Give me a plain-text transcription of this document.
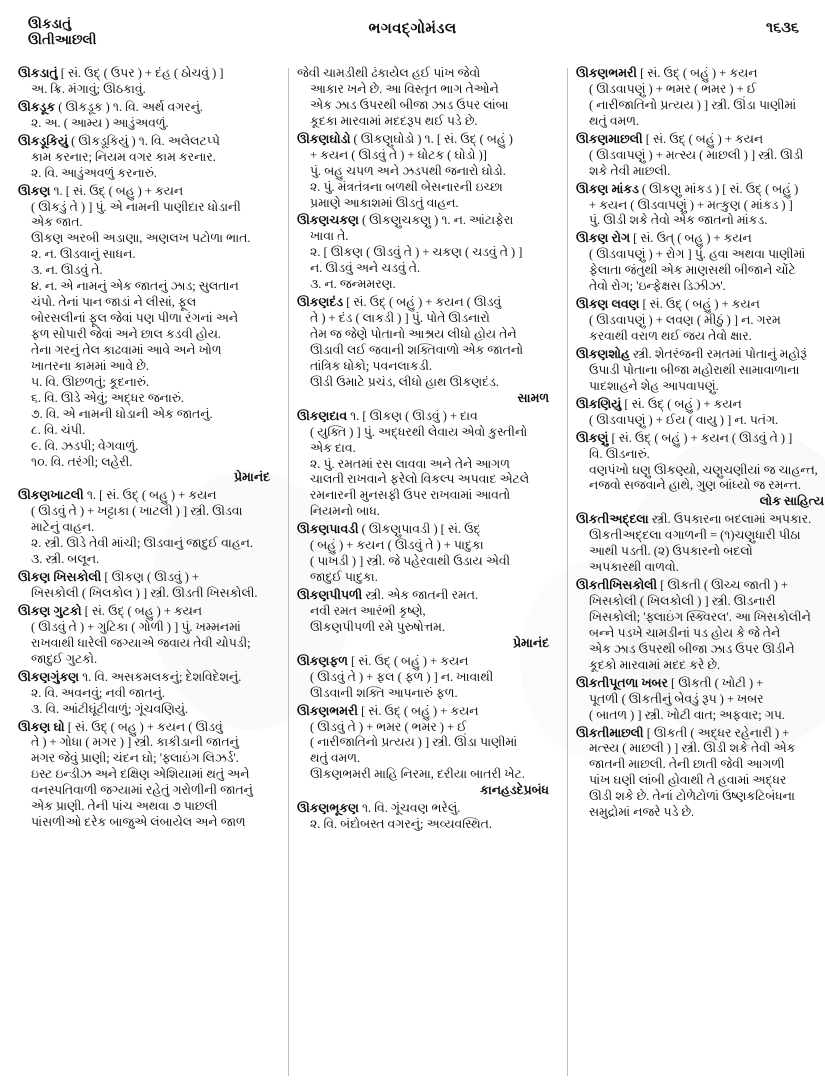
ઊકડાતું
ઊતીઆછલી
ભગવદ્‌ગોમંડલ	૧૬૩૬
ઊકડાતું [ સં. ઉદ્ ( ઉપર ) + દંહ ( ઠોચવું ) ]
અ. ક્રિ. મંગાવું; ઊઠકાવું.
ઊકડૂક ( ઊકડૂક ) ૧. વિ. અર્થ વગરનું.
૨. અ. ( આમ્ય ) આડુંઅવળું.
ઊકડૂકિયું ( ઊકડૂકિયું ) ૧. વિ. અલેલટપ્પે
કામ કરનાર; નિયમ વગર કામ કરનાર.
૨. વિ. આડુંઅવળું કરનારું.
ઊકણ ૧. [ સં. ઉદ્ ( બહુ ) + કયન
( ઊકડું તે ) ] પું. એ નામની પાણીદાર ધોડાની
એક જાત.
ઊકણ અરબી અડાણા, અણલખ પટોળા ભાત.
૨. ન. ઊડવાનું સાધન.
૩. ન. ઊડવું તે.
૪. ન. એ નામનું એક જાતનું ઝાડ; સુલતાન
ચંપો. તેનાં પાન જાડાં ને લીસાં, ફૂલ
બોરસલીનાં ફૂલ જેવાં પણ પીળા રંગનાં અને
ફળ સોપારી જેવાં અને છાલ કડવી હોય.
તેના ગરનું તેલ કાઢવામાં આવે અને ખોળ
ખાતરના કામમાં આવે છે.
૫. વિ. ઊછળતું; કૂદનારું.
૬. વિ. ઊડે એવું; અદ્ધર જનારું.
૭. વિ. એ નામની ધોડાની એક જાતનું.
૮. વિ. ચંપી.
૯. વિ. ઝડપી; વેગવાળું.
૧૦. વિ. તરંગી; લહેરી.
પ્રેમાનંદ
ઊકણખાટલી ૧. [ સં. ઉદ્ ( બહુ ) + કયન
( ઊડવું તે ) + ખટ્ટાકા ( ખાટલી ) ] સ્ત્રી. ઊડવા
માટેનું વાહન.
૨. સ્ત્રી. ઊડે તેવી માંચી; ઊડવાનું જાદુઈ વાહન.
૩. સ્ત્રી. બલૂન.
ઊકણ ખિસકોલી [ ઊકણ ( ઊડવું ) +
ખિસકોલી ( ખિલકોલ ) ] સ્ત્રી. ઊડતી ખિસકોલી.
ઊકણ ગુટકો [ સં. ઉદ્ ( બહુ ) + કયન
( ઊડવું તે ) + ગુટિકા ( ગોળી ) ] પું. ખમ્મનમાં
રાખવાથી ધારેલી જગ્યાએ જવાય તેવી ચોપડી;
જાદુઈ ગુટકો.
ઊકણગુંકણ ૧. વિ. અસકમલકનું; દેશવિદેશનું.
૨. વિ. અવનવું; નવી જાતનું.
૩. વિ. આંટીઘૂંટીવાળું; ગૂંચવણિયું.
ઊકણ ઘો [ સં. ઉદ્ ( બહુ ) + કયન ( ઊડવું
તે ) + ગોધા ( મગર ) ] સ્ત્રી. કાકીડાની જાતનું
મગર જેવું પ્રાણી; ચંદન ઘો; 'ફ્લાઇંગ લિઝર્ડ'.
ઇસ્ટ ઇન્ડીઝ અને દક્ષિણ એશિયામાં થતું અને
વનસ્પતિવાળી જગ્યામાં રહેતું ગરોળીની જાતનું
એક પ્રાણી. તેની પાંચ અથવા ૭ પાછલી
પાંસળીઓ દરેક બાજુએ લંબાયેલ અને જાળ
જેવી ચામડીથી ઢંકાયેલ હઈ પાંખ જેવો
આકાર ખને છે. આ વિસ્તૃત ભાગ તેઓને
એક ઝાડ ઉપરથી બીજા ઝાડ ઉપર લાંબા
કૂદકા મારવામાં મદદરૂપ થઈ પડે છે.
ઊકણઘોડો ( ઊકણુઘોડો ) ૧. [ સં. ઉદ્ ( બહું )
+ કયન ( ઊડવું તે ) + ધોટક ( ઘોડો )]
પું. બહુ ચપળ અને ઝડપથી જનારો ઘોડો.
૨. પું. મંત્રતંત્રના બળથી બેસનારની ઇચ્છા
પ્રમાણે આકાશમાં ઊડતું વાહન.
ઊકણચકણ ( ઊકણુચકણુ ) ૧. ન. આંટાફેરા
ખાવા તે.
૨. [ ઊકણ ( ઊડવું તે ) + ચકણ ( ચડવું તે ) ]
ન. ઊડવું અને ચડવું તે.
૩. ન. જન્મમરણ.
ઊકણદંડ [ સં. ઉદ્ ( બહું ) + કયન ( ઊડવું
તે ) + દંડ ( લાકડી ) ] પું. પોતે ઊડનારો
તેમ જ જેણે પોતાનો આશ્રય લીધો હોય તેને
ઊડાવી લઈ જવાની શક્તિવાળો એક જાતનો
તાંત્રિક ધોકો; પવનલાકડી.
ઊડી ઉમાટે પ્રચંડ, લીધો હાથ ઊકણદંડ.
સામળ
ઊકણદાવ ૧. [ ઊકણ ( ઊડવું ) + દાવ
( યુક્તિ ) ] પું. અદ્ધરથી લેવાય એવો કુસ્તીનો
એક દાવ.
૨. પું. રમતમાં રસ લાવવા અને તેને આગળ
ચાલતી રાખવાને ફરેલો વિકલ્પ અપવાદ એટલે
રમનારની મુનસફી ઉપર રાખવામાં આવતો
નિયમનો બાધ.
ઊકણપાવડી ( ઊકણુપાવડી ) [ સં. ઉદ્
( બહું ) + કયન ( ઊડવું તે ) + પાદુકા
( પાખડી ) ] સ્ત્રી. જે પહેરવાથી ઉડાય એવી
જાદુઈ પાદુકા.
ઊકણપીપળી સ્ત્રી. એક જાતની રમત.
નવી રમત આરંભી કૃષ્ણે,
ઊકણપીપળી રમે પુરુષોત્તમ.
પ્રેમાનંદ
ઊકણફળ [ સં. ઉદ્ ( બહું ) + કયન
( ઊડવું તે ) + ફલ ( ફળ ) ] ન. ખાવાથી
ઊડવાની શક્તિ આપનારું ફળ.
ઊકણભમરી [ સં. ઉદ્ ( બહું ) + કયન
( ઊડવું તે ) + ભમર ( ભમર ) + ઈ
( નારીજાતિનો પ્રત્યય ) ] સ્ત્રી. ઊંડા પાણીમાં
થતું વમળ.
ઊકણભમરી માહિ નિરમા, દરીયા બાતરી ખેટ.
કાનહડદેપ્રબંધ
ઊકણભૂકણ ૧. વિ. ગૂંચવણ ભરેલું.
૨. વિ. બંદોબસ્ત વગરનું; અવ્યવસ્થિત.
ઊકણભમરી [ સં. ઉદ્ ( બહું ) + કયન
( ઊડવાપણું ) + ભમર ( ભમર ) + ઈ
( નારીજાતિનો પ્રત્યય ) ] સ્ત્રી. ઊંડા પાણીમાં
થતું વમળ.
ઊકણમાછલી [ સં. ઉદ્ ( બહું ) + કયન
( ઊડવાપણું ) + મત્સ્ય ( માછલી ) ] સ્ત્રી. ઊડી
શકે તેવી માછલી.
ઊકણ માંકડ ( ઊકણુ માંકડ ) [ સં. ઉદ્ ( બહું )
+ કયન ( ઊડવાપણું ) + મત્કુણ ( માંકડ ) ]
પું. ઊડી શકે તેવો એક જાતનો માંકડ.
ઊકણ રોગ [ સં. ઉત્ ( બહુ ) + કયન
( ઊડવાપણું ) + રોગ ] પું. હવા અથવા પાણીમાં
ફેલાતા જંતુથી એક માણસથી બીજાને ચોંટે
તેવો રોગ; 'ઇન્ફેક્ષસ ડિઝીઝ'.
ઊકણ લવણ [ સં. ઉદ્ ( બહું ) + કયન
( ઊડવાપણું ) + લવણ ( મીઠું ) ] ન. ગરમ
કરવાથી વરાળ થઈ જય તેવો ક્ષાર.
ઊકણશોહ સ્ત્રી. શેતરંજની રમતમાં પોતાનું મહોરૂં
ઉપાડી પોતાના બીજા મહોરાથી સામાવાળાના
પાદશાહને શેહ આપવાપણું.
ઊકણિયું [ સં. ઉદ્ ( બહું ) + કયન
( ઊડવાપણું ) + ઈય ( વાયુ ) ] ન. પતંગ.
ઊકણું [ સં. ઉદ્ ( બહું ) + કયન ( ઊડવું તે ) ]
વિ. ઊડનારું.
વણપંખો ઘણુ ઊકણ્યો, ચણુચણીયાં જ ચાહન્ત,
નજવો સજવાને હાથે, ગુણ બાંધ્યો જ રમન્ત.
લોક સાહિત્ય
ઊકતીઅદ્દલા સ્ત્રી. ઉપકારના બદલામાં અપકાર.
ઊકતીઅદ્દલા વગાળની = (૧)ચણુધારી પીઠા
આથી પડતી. (૨) ઉપકારનો બદલો
અપકારથી વાળવો.
ઊકતીખિસકોલી [ ઊકતી ( ઊચ્ચ જાતી ) +
ખિસકોલી ( ખિલકોલી ) ] સ્ત્રી. ઊડનારી
ખિસકોલી; 'ફ્લાઇંગ સ્ક્વિરલ'. આ ખિસકોલીને
બન્ને પડખે ચામડીનાં પડ હોય કે જે તેને
એક ઝાડ ઉપરથી બીજા ઝાડ ઉપર ઊડીને
કૂદકો મારવામાં મદદ કરે છે.
ઊકતીપૂતળા ખબર [ ઊકતી ( ખોટી ) +
પૂતળી ( ઊકતીનું બેવડું રૂપ ) + ખબર
( બાતળ ) ] સ્ત્રી. ખોટી વાત; અફવાર; ગપ.
ઊકતીમાછલી [ ઊકતી ( અદ્ધર રહેનારી ) +
મત્સ્ય ( માછલી ) ] સ્ત્રી. ઊડી શકે તેવી એક
જાતની માછલી. તેની છાતી જેવી આગળી
પાંખ ઘણી લાંબી હોવાથી તે હવામાં અદ્ધર
ઊડી શકે છે. તેનાં ટોળેટોળાં ઉષ્ણકટિબંધના
સમુદ્રોમાં નજરે પડે છે.
